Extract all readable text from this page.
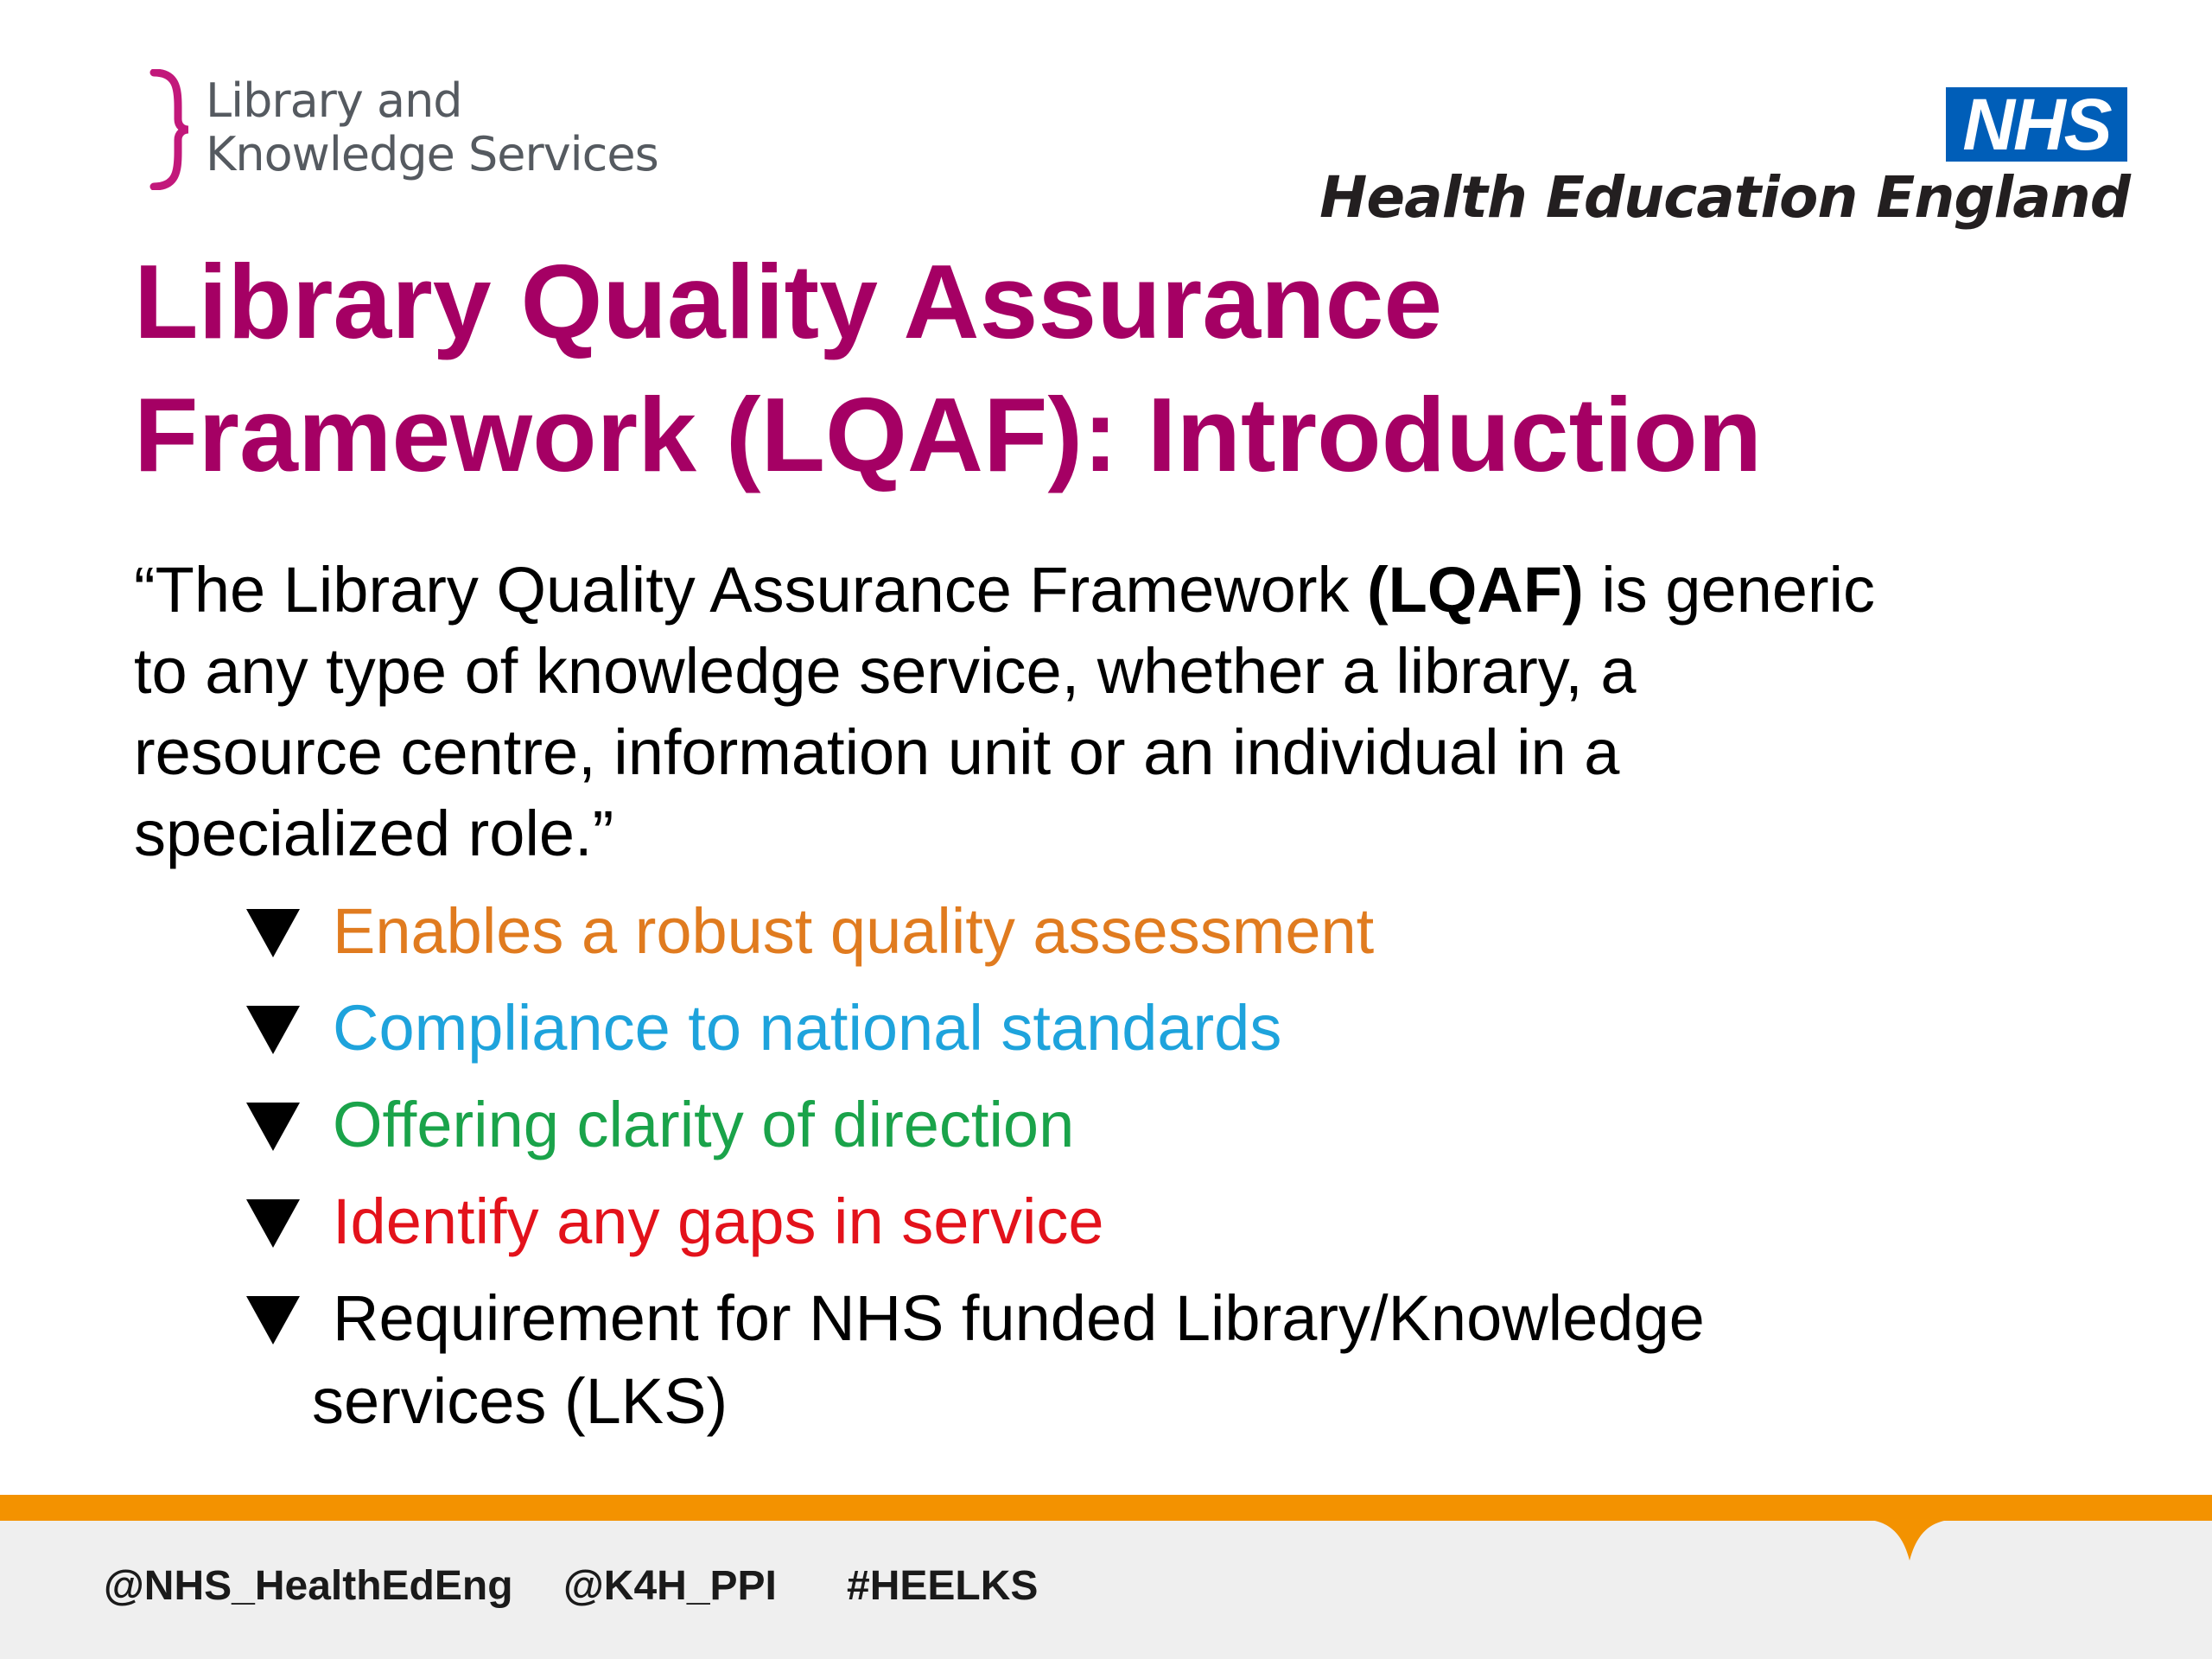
Library and
Knowledge Services	NHS
Health Education England
Library Quality Assurance
Framework (LQAF): Introduction
“The Library Quality Assurance Framework (LQAF) is generic
to any type of knowledge service, whether a library, a
resource centre, information unit or an individual in a
specialized role.”
Enables a robust quality assessment
Compliance to national standards
Offering clarity of direction
Identify any gaps in service
Requirement for NHS funded Library/Knowledge
services (LKS)
@NHS_HealthEdEng @K4H_PPI #HEELKS
